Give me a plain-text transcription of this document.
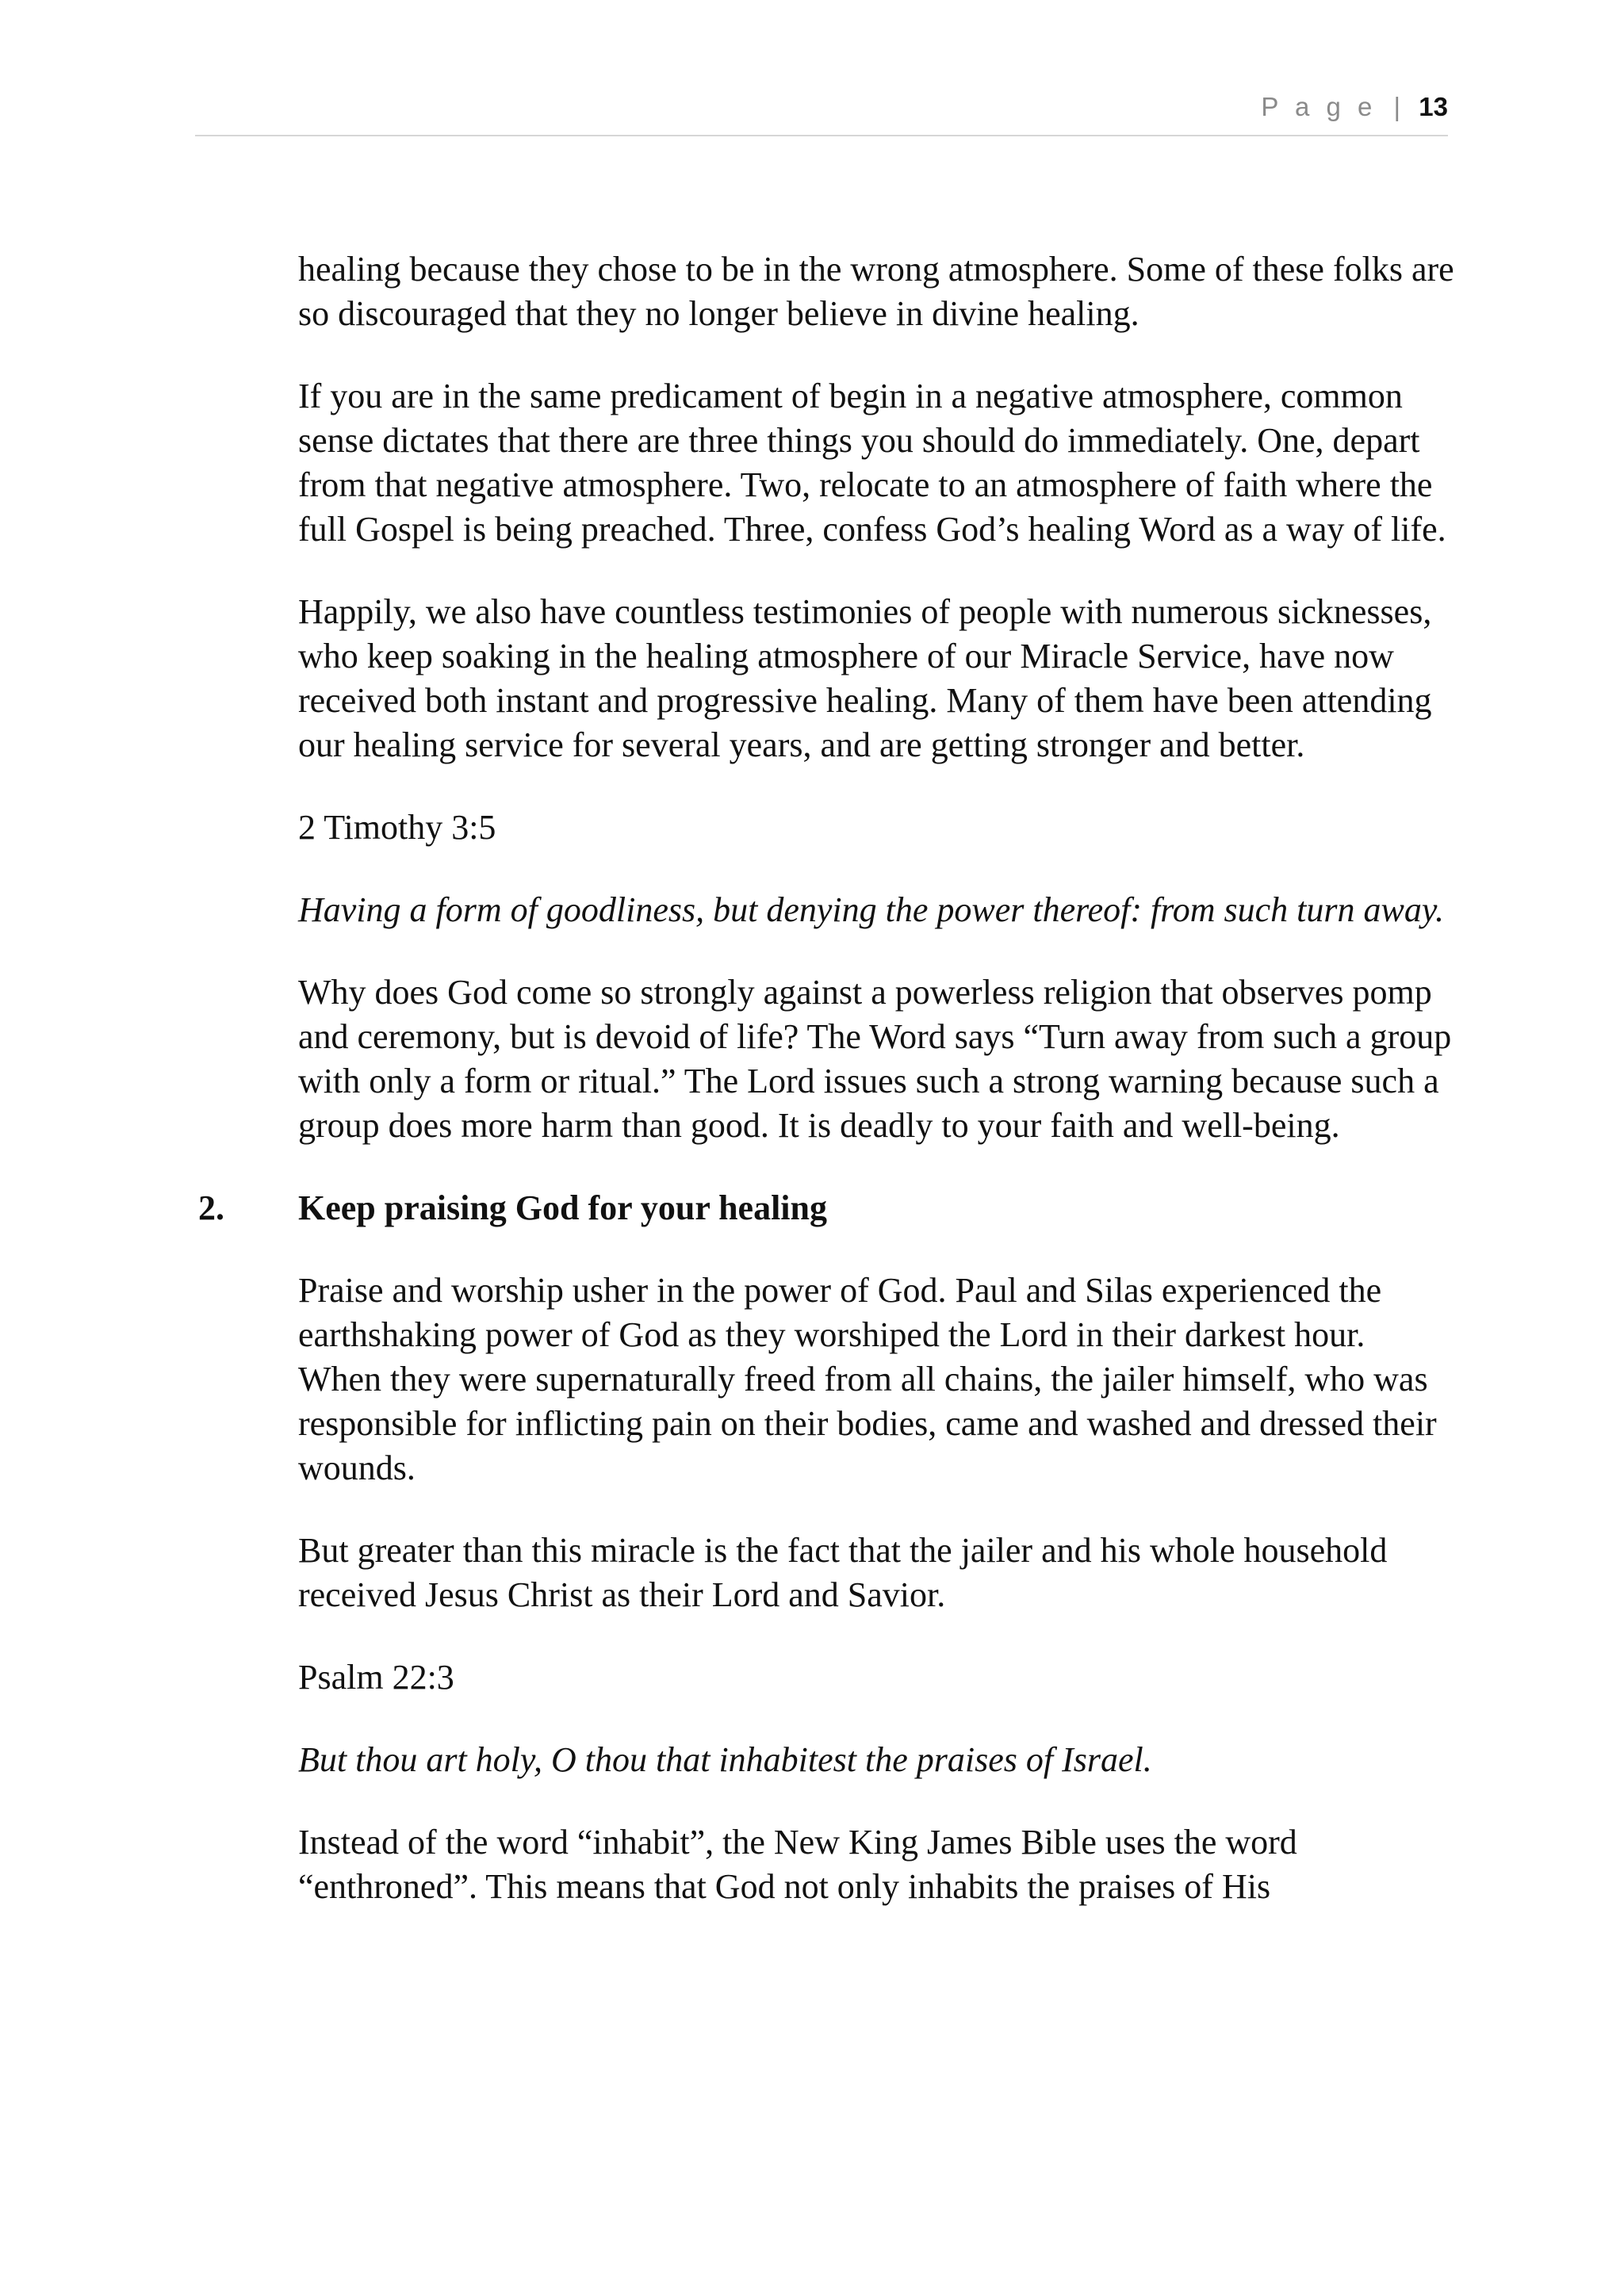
P a g e | 13

healing because they chose to be in the wrong atmosphere. Some of these folks are so discouraged that they no longer believe in divine healing.

If you are in the same predicament of begin in a negative atmosphere, common sense dictates that there are three things you should do immediately. One, depart from that negative atmosphere. Two, relocate to an atmosphere of faith where the full Gospel is being preached. Three, confess God’s healing Word as a way of life.

Happily, we also have countless testimonies of people with numerous sicknesses, who keep soaking in the healing atmosphere of our Miracle Service, have now received both instant and progressive healing. Many of them have been attending our healing service for several years, and are getting stronger and better.

2 Timothy 3:5

Having a form of goodliness, but denying the power thereof: from such turn away.

Why does God come so strongly against a powerless religion that observes pomp and ceremony, but is devoid of life? The Word says “Turn away from such a group with only a form or ritual.” The Lord issues such a strong warning because such a group does more harm than good. It is deadly to your faith and well-being.

2. Keep praising God for your healing

Praise and worship usher in the power of God. Paul and Silas experienced the earthshaking power of God as they worshiped the Lord in their darkest hour. When they were supernaturally freed from all chains, the jailer himself, who was responsible for inflicting pain on their bodies, came and washed and dressed their wounds.

But greater than this miracle is the fact that the jailer and his whole household received Jesus Christ as their Lord and Savior.

Psalm 22:3

But thou art holy, O thou that inhabitest the praises of Israel.

Instead of the word “inhabit”, the New King James Bible uses the word “enthroned”. This means that God not only inhabits the praises of His
